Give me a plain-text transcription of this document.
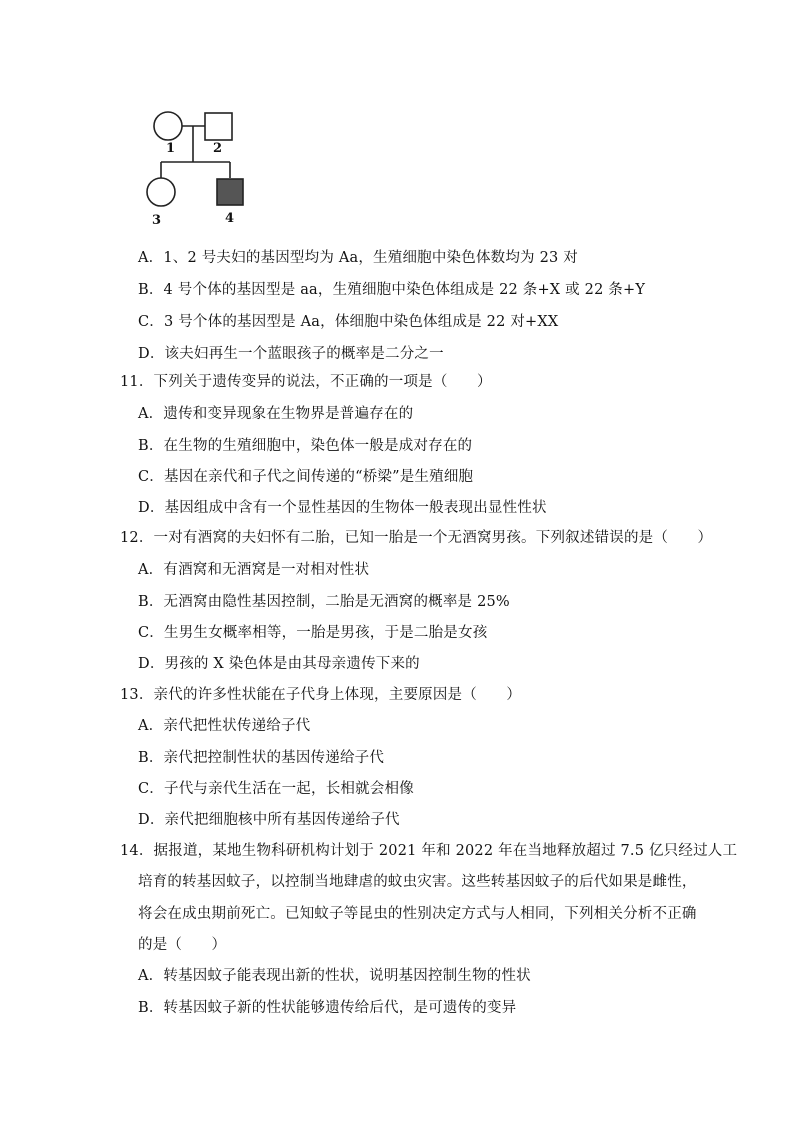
1	2
3	4
A．1、2 号夫妇的基因型均为 Aa，生殖细胞中染色体数均为 23 对
B．4 号个体的基因型是 aa，生殖细胞中染色体组成是 22 条+X 或 22 条+Y
C．3 号个体的基因型是 Aa，体细胞中染色体组成是 22 对+XX
D．该夫妇再生一个蓝眼孩子的概率是二分之一
11．下列关于遗传变异的说法，不正确的一项是（　　）
A．遗传和变异现象在生物界是普遍存在的
B．在生物的生殖细胞中，染色体一般是成对存在的
C．基因在亲代和子代之间传递的“桥梁”是生殖细胞
D．基因组成中含有一个显性基因的生物体一般表现出显性性状
12．一对有酒窝的夫妇怀有二胎，已知一胎是一个无酒窝男孩。下列叙述错误的是（　　）
A．有酒窝和无酒窝是一对相对性状
B．无酒窝由隐性基因控制，二胎是无酒窝的概率是 25%
C．生男生女概率相等，一胎是男孩，于是二胎是女孩
D．男孩的 X 染色体是由其母亲遗传下来的
13．亲代的许多性状能在子代身上体现，主要原因是（　　）
A．亲代把性状传递给子代
B．亲代把控制性状的基因传递给子代
C．子代与亲代生活在一起，长相就会相像
D．亲代把细胞核中所有基因传递给子代
14．据报道，某地生物科研机构计划于 2021 年和 2022 年在当地释放超过 7.5 亿只经过人工
培育的转基因蚊子，以控制当地肆虐的蚊虫灾害。这些转基因蚊子的后代如果是雌性，
将会在成虫期前死亡。已知蚊子等昆虫的性别决定方式与人相同，下列相关分析不正确
的是（　　）
A．转基因蚊子能表现出新的性状，说明基因控制生物的性状
B．转基因蚊子新的性状能够遗传给后代，是可遗传的变异
